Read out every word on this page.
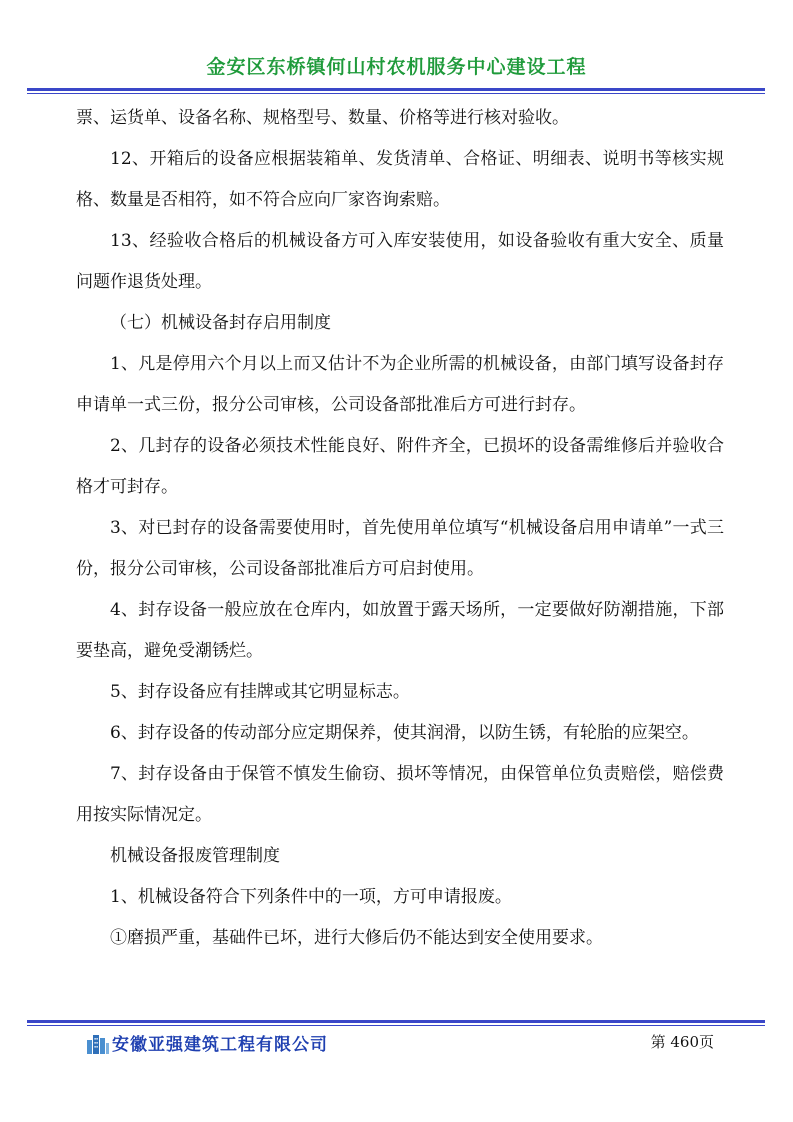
金安区东桥镇何山村农机服务中心建设工程

票、运货单、设备名称、规格型号、数量、价格等进行核对验收。

12、开箱后的设备应根据装箱单、发货清单、合格证、明细表、说明书等核实规格、数量是否相符，如不符合应向厂家咨询索赔。

13、经验收合格后的机械设备方可入库安装使用，如设备验收有重大安全、质量问题作退货处理。

（七）机械设备封存启用制度

1、凡是停用六个月以上而又估计不为企业所需的机械设备，由部门填写设备封存申请单一式三份，报分公司审核，公司设备部批准后方可进行封存。

2、几封存的设备必须技术性能良好、附件齐全，已损坏的设备需维修后并验收合格才可封存。

3、对已封存的设备需要使用时，首先使用单位填写“机械设备启用申请单”一式三份，报分公司审核，公司设备部批准后方可启封使用。

4、封存设备一般应放在仓库内，如放置于露天场所，一定要做好防潮措施，下部要垫高，避免受潮锈烂。

5、封存设备应有挂牌或其它明显标志。

6、封存设备的传动部分应定期保养，使其润滑，以防生锈，有轮胎的应架空。

7、封存设备由于保管不慎发生偷窃、损坏等情况，由保管单位负责赔偿，赔偿费用按实际情况定。

机械设备报废管理制度

1、机械设备符合下列条件中的一项，方可申请报废。

①磨损严重，基础件已坏，进行大修后仍不能达到安全使用要求。

安徽亚强建筑工程有限公司	第 460页
